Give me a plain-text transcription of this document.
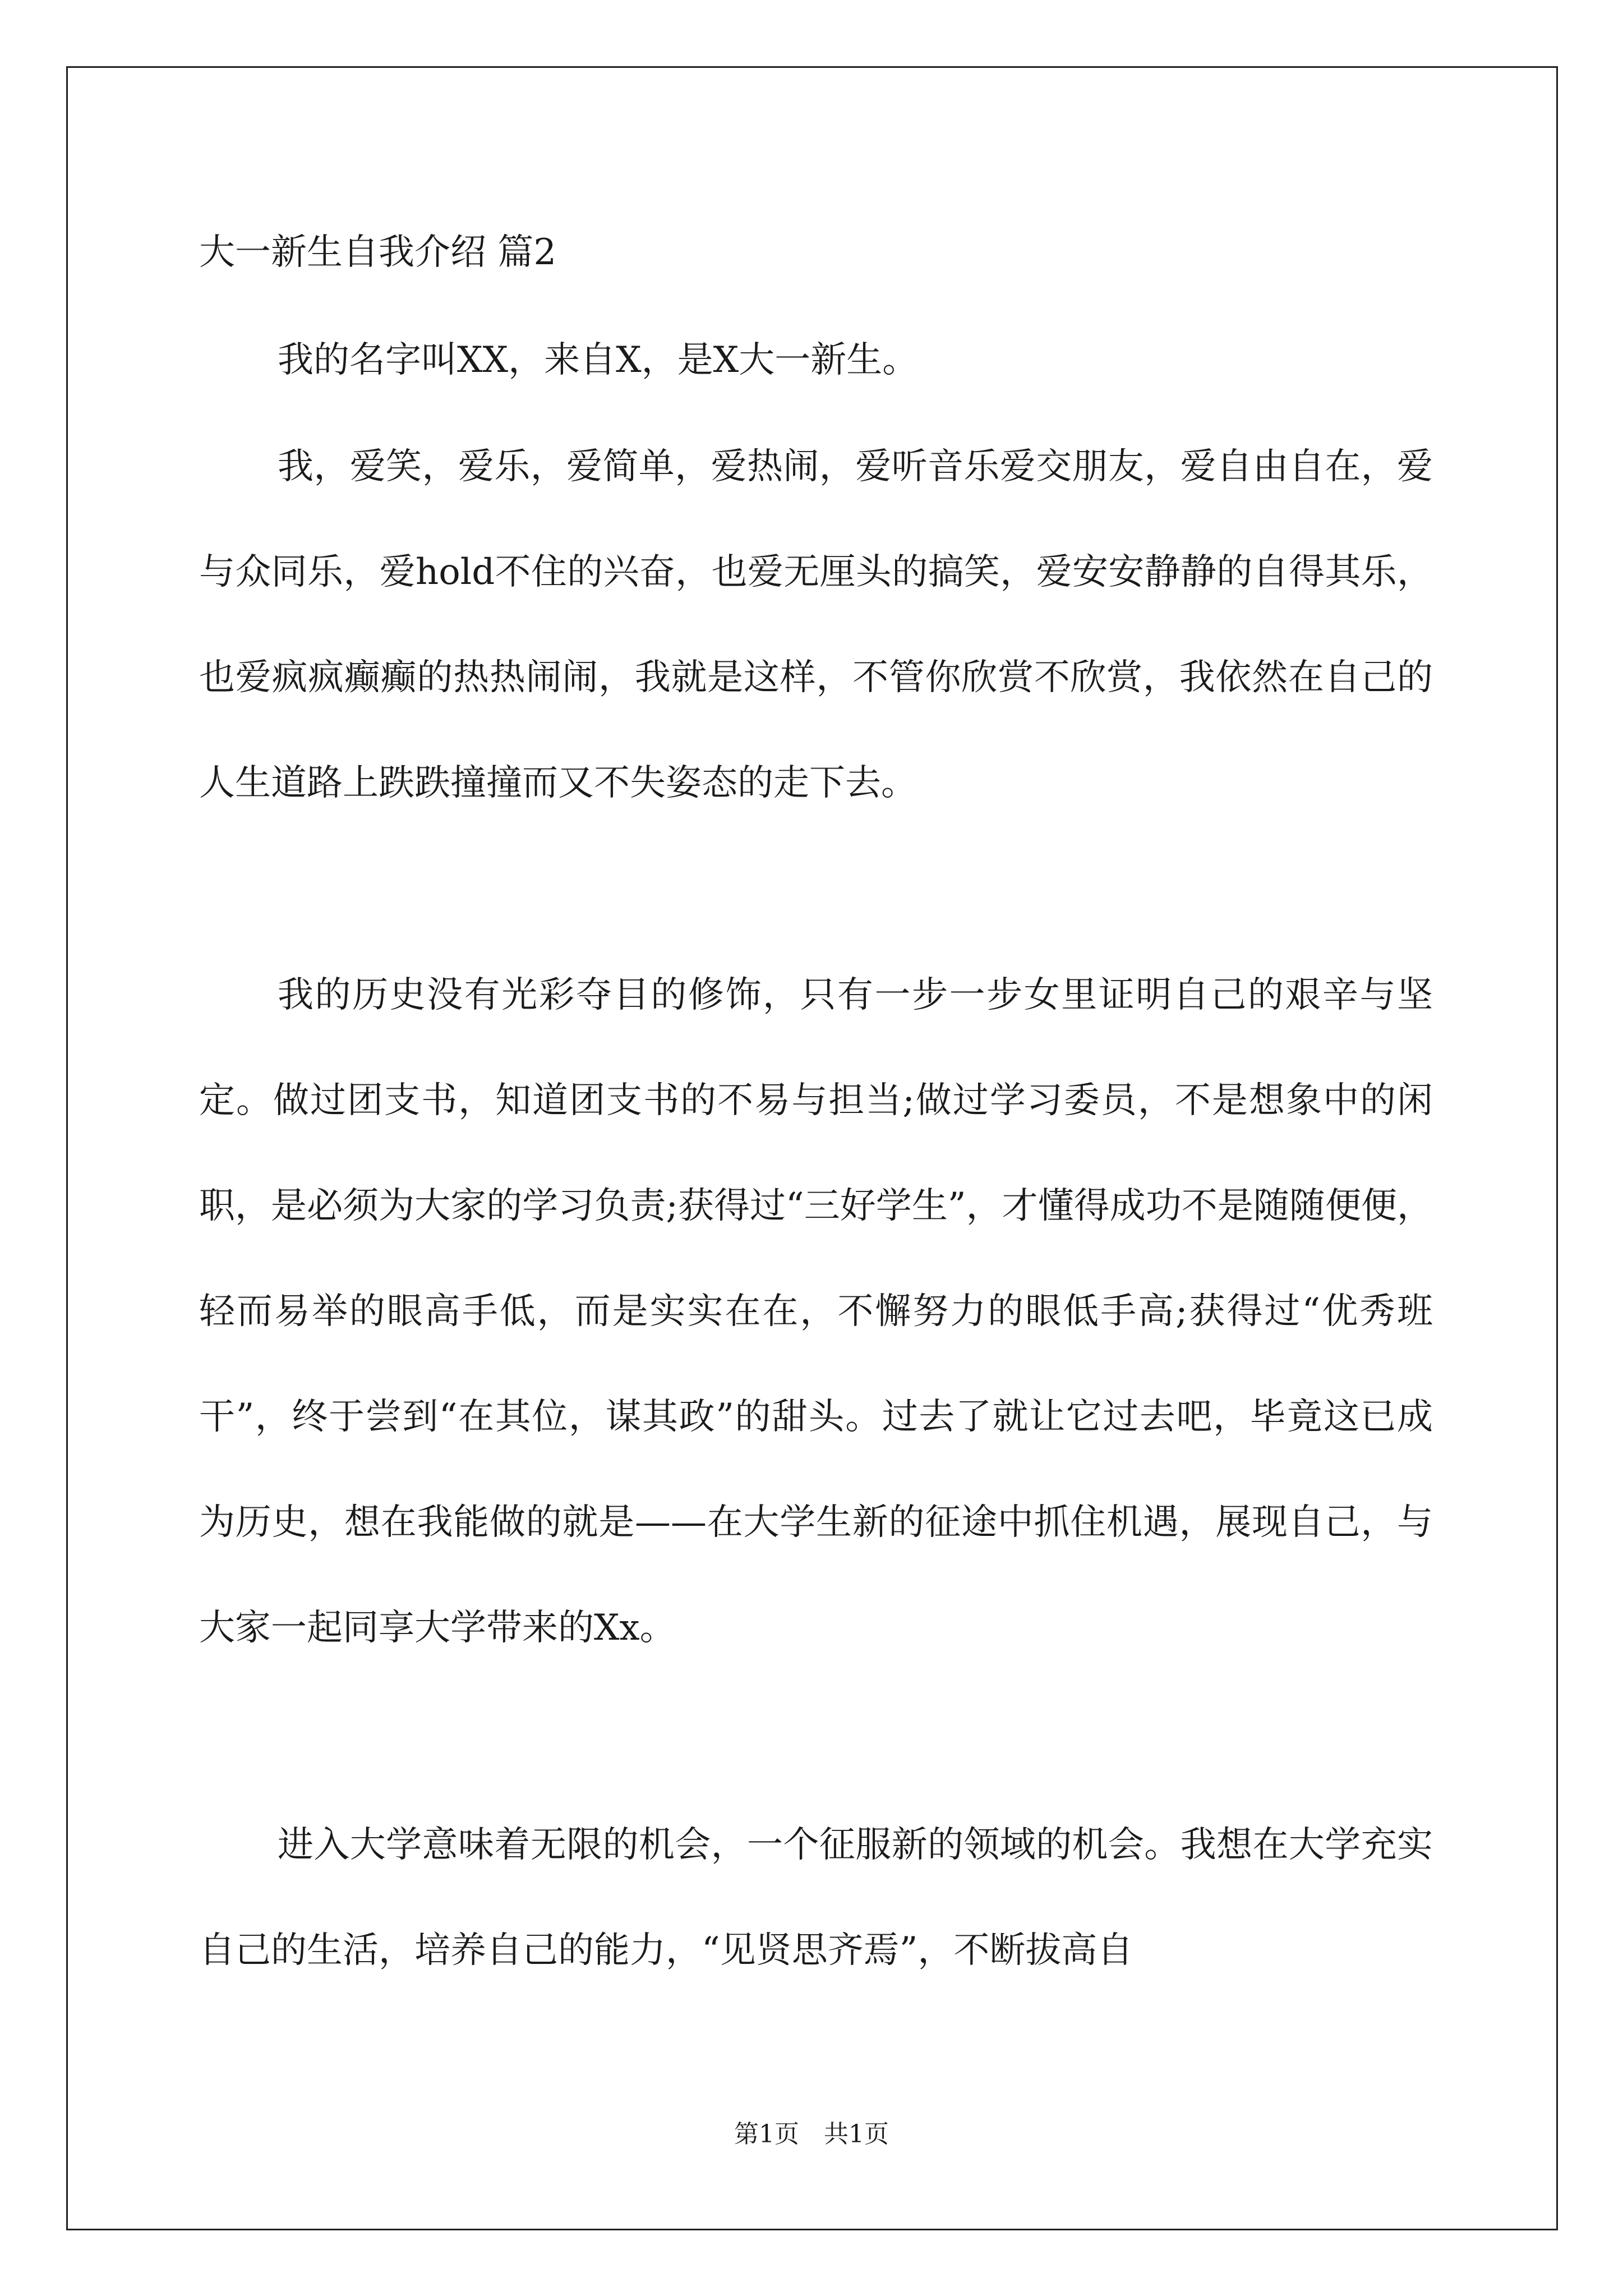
大一新生自我介绍 篇2

我的名字叫XX，来自X，是X大一新生。

我，爱笑，爱乐，爱简单，爱热闹，爱听音乐爱交朋友，爱自由自在，爱与众同乐，爱hold不住的兴奋，也爱无厘头的搞笑，爱安安静静的自得其乐，也爱疯疯癫癫的热热闹闹，我就是这样，不管你欣赏不欣赏，我依然在自己的人生道路上跌跌撞撞而又不失姿态的走下去。

我的历史没有光彩夺目的修饰，只有一步一步女里证明自己的艰辛与坚定。做过团支书，知道团支书的不易与担当;做过学习委员，不是想象中的闲职，是必须为大家的学习负责;获得过“三好学生”，才懂得成功不是随随便便，轻而易举的眼高手低，而是实实在在，不懈努力的眼低手高;获得过“优秀班干”，终于尝到“在其位，谋其政”的甜头。过去了就让它过去吧，毕竟这已成为历史，想在我能做的就是——在大学生新的征途中抓住机遇，展现自己，与大家一起同享大学带来的Xx。

进入大学意味着无限的机会，一个征服新的领域的机会。我想在大学充实自己的生活，培养自己的能力，“见贤思齐焉”，不断拔高自

第1页　共1页
